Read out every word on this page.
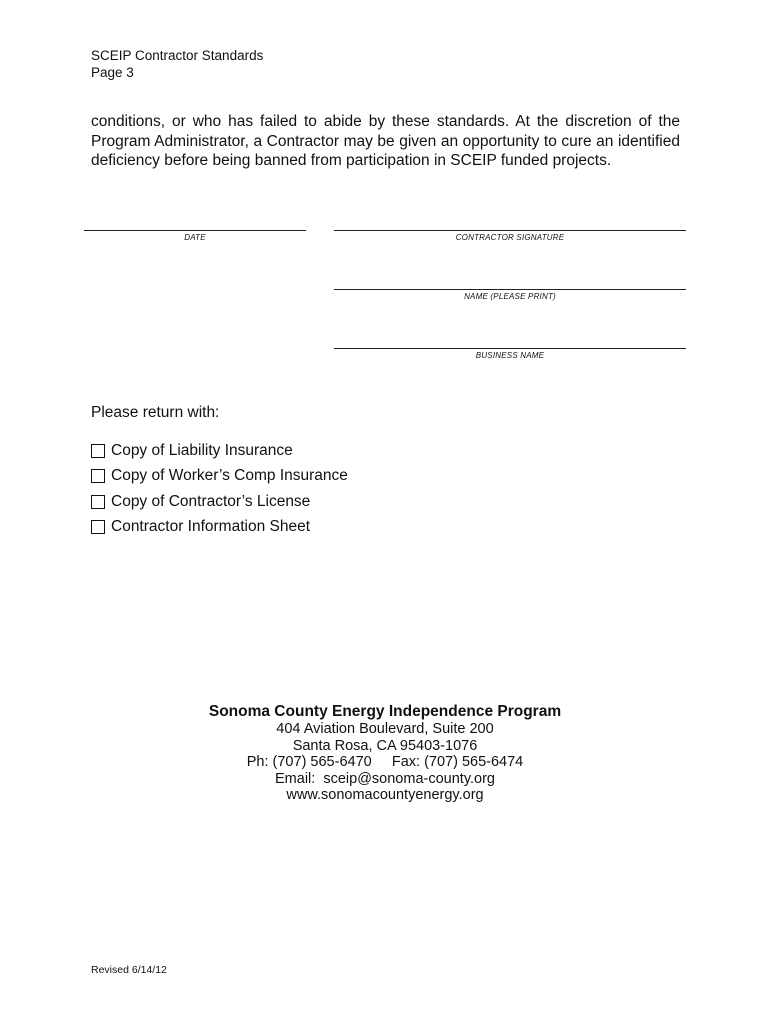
SCEIP Contractor Standards
Page 3
conditions, or who has failed to abide by these standards. At the discretion of the Program Administrator, a Contractor may be given an opportunity to cure an identified deficiency before being banned from participation in SCEIP funded projects.
DATE	CONTRACTOR SIGNATURE
NAME (PLEASE PRINT)
BUSINESS NAME
Please return with:
Copy of Liability Insurance
Copy of Worker’s Comp Insurance
Copy of Contractor’s License
Contractor Information Sheet
Sonoma County Energy Independence Program
404 Aviation Boulevard, Suite 200
Santa Rosa, CA 95403-1076
Ph: (707) 565-6470     Fax: (707) 565-6474
Email:  sceip@sonoma-county.org
www.sonomacountyenergy.org
Revised 6/14/12
